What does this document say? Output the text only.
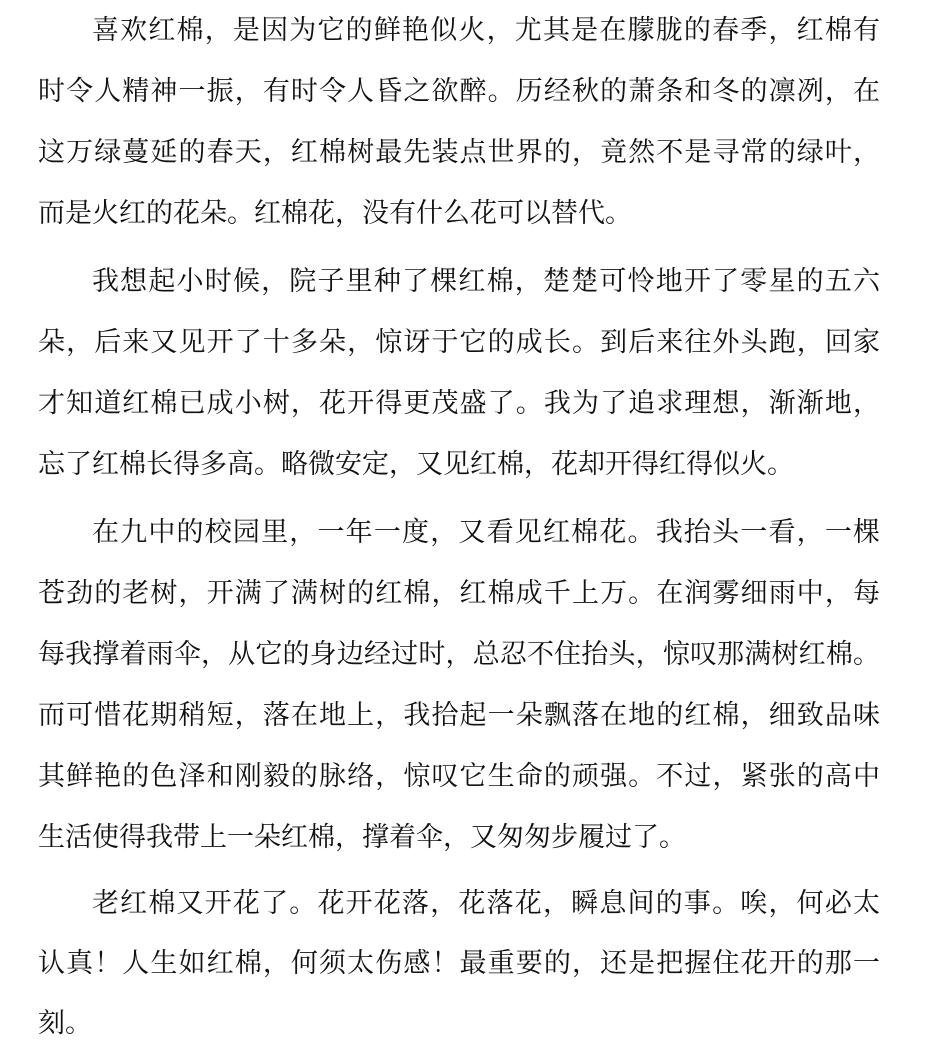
喜欢红棉，是因为它的鲜艳似火，尤其是在朦胧的春季，红棉有
时令人精神一振，有时令人昏之欲醉。历经秋的萧条和冬的凛冽，在
这万绿蔓延的春天，红棉树最先装点世界的，竟然不是寻常的绿叶，
而是火红的花朵。红棉花，没有什么花可以替代。
我想起小时候，院子里种了棵红棉，楚楚可怜地开了零星的五六
朵，后来又见开了十多朵，惊讶于它的成长。到后来往外头跑，回家
才知道红棉已成小树，花开得更茂盛了。我为了追求理想，渐渐地，
忘了红棉长得多高。略微安定，又见红棉，花却开得红得似火。
在九中的校园里，一年一度，又看见红棉花。我抬头一看，一棵
苍劲的老树，开满了满树的红棉，红棉成千上万。在润雾细雨中，每
每我撑着雨伞，从它的身边经过时，总忍不住抬头，惊叹那满树红棉。
而可惜花期稍短，落在地上，我拾起一朵飘落在地的红棉，细致品味
其鲜艳的色泽和刚毅的脉络，惊叹它生命的顽强。不过，紧张的高中
生活使得我带上一朵红棉，撑着伞，又匆匆步履过了。
老红棉又开花了。花开花落，花落花，瞬息间的事。唉，何必太
认真！人生如红棉，何须太伤感！最重要的，还是把握住花开的那一
刻。
